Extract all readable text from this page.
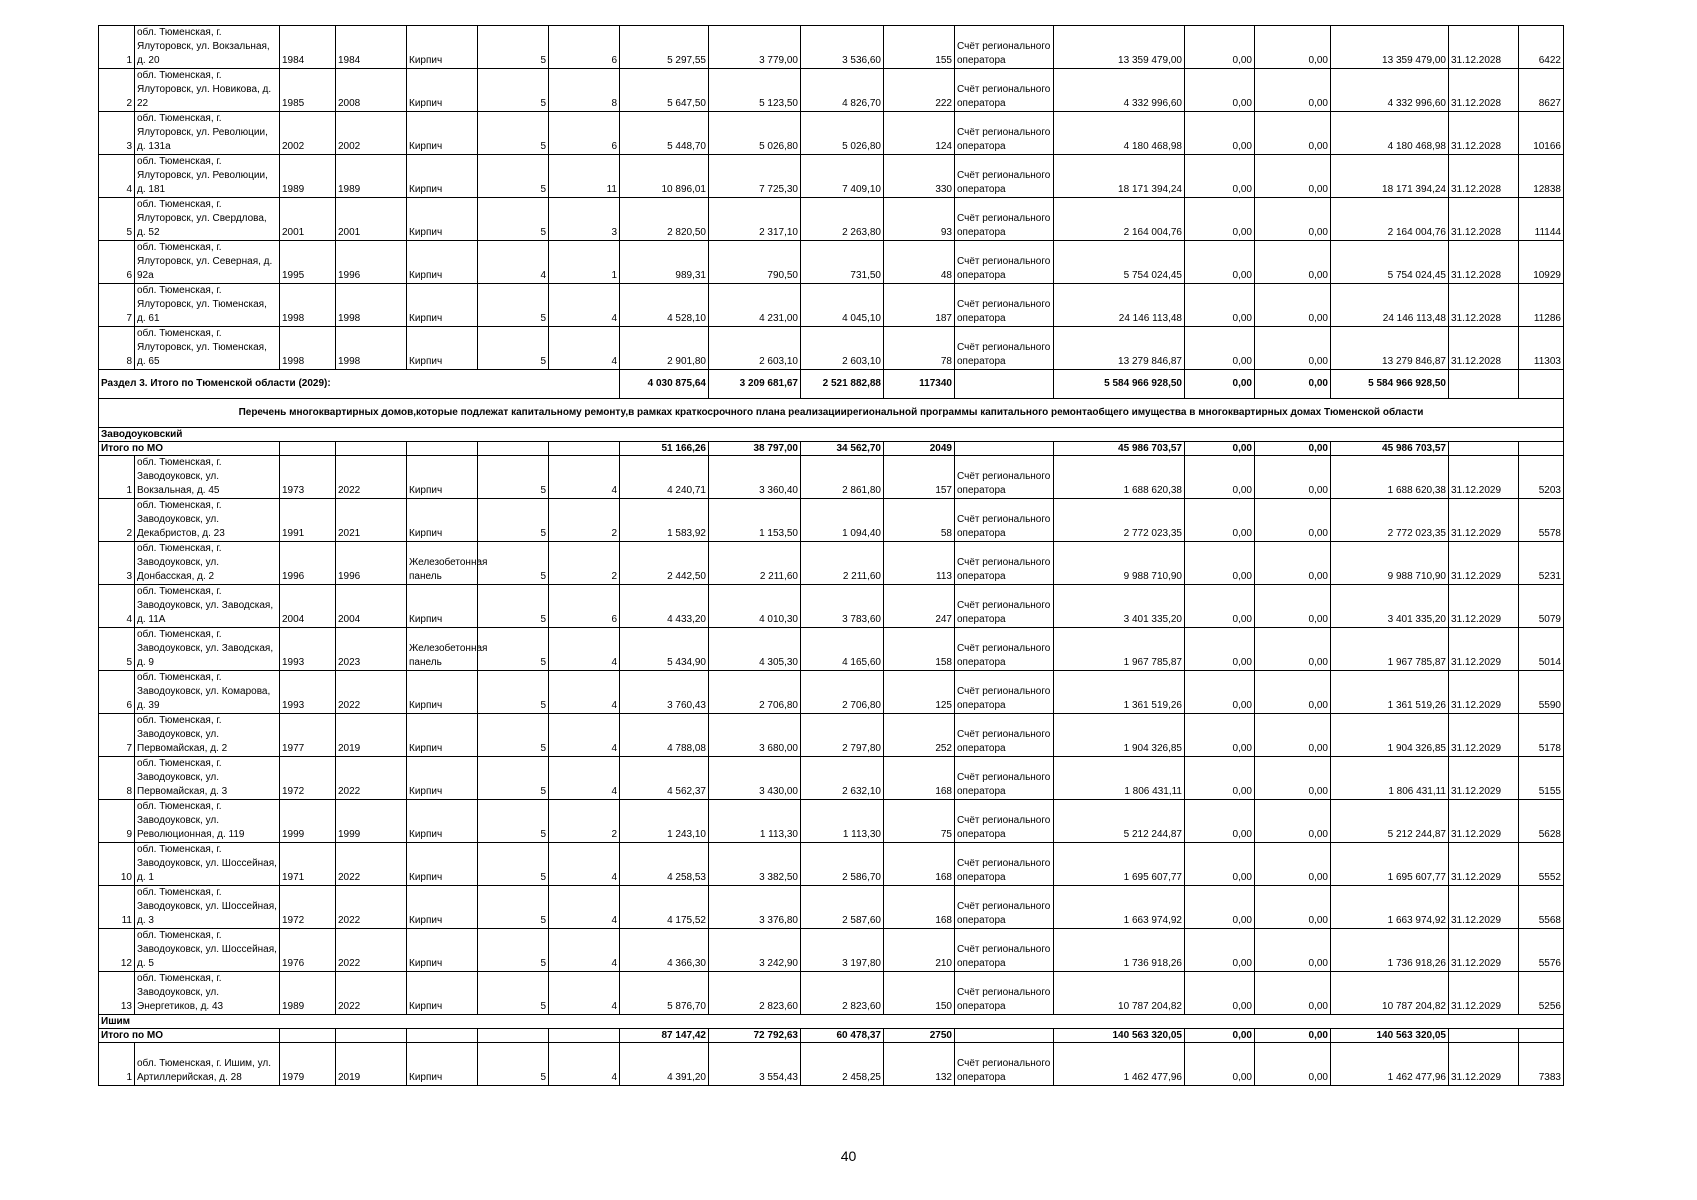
1	обл. Тюменская, г. Ялуторовск, ул. Вокзальная, д. 20	1984	1984	Кирпич	5	6	5 297,55	3 779,00	3 536,60	155	Счёт регионального оператора	13 359 479,00	0,00	0,00	13 359 479,00	31.12.2028	6422
2	обл. Тюменская, г. Ялуторовск, ул. Новикова, д. 22	1985	2008	Кирпич	5	8	5 647,50	5 123,50	4 826,70	222	Счёт регионального оператора	4 332 996,60	0,00	0,00	4 332 996,60	31.12.2028	8627
3	обл. Тюменская, г. Ялуторовск, ул. Революции, д. 131а	2002	2002	Кирпич	5	6	5 448,70	5 026,80	5 026,80	124	Счёт регионального оператора	4 180 468,98	0,00	0,00	4 180 468,98	31.12.2028	10166
4	обл. Тюменская, г. Ялуторовск, ул. Революции, д. 181	1989	1989	Кирпич	5	11	10 896,01	7 725,30	7 409,10	330	Счёт регионального оператора	18 171 394,24	0,00	0,00	18 171 394,24	31.12.2028	12838
5	обл. Тюменская, г. Ялуторовск, ул. Свердлова, д. 52	2001	2001	Кирпич	5	3	2 820,50	2 317,10	2 263,80	93	Счёт регионального оператора	2 164 004,76	0,00	0,00	2 164 004,76	31.12.2028	11144
6	обл. Тюменская, г. Ялуторовск, ул. Северная, д. 92а	1995	1996	Кирпич	4	1	989,31	790,50	731,50	48	Счёт регионального оператора	5 754 024,45	0,00	0,00	5 754 024,45	31.12.2028	10929
7	обл. Тюменская, г. Ялуторовск, ул. Тюменская, д. 61	1998	1998	Кирпич	5	4	4 528,10	4 231,00	4 045,10	187	Счёт регионального оператора	24 146 113,48	0,00	0,00	24 146 113,48	31.12.2028	11286
8	обл. Тюменская, г. Ялуторовск, ул. Тюменская, д. 65	1998	1998	Кирпич	5	4	2 901,80	2 603,10	2 603,10	78	Счёт регионального оператора	13 279 846,87	0,00	0,00	13 279 846,87	31.12.2028	11303
Раздел 3. Итого по Тюменской области (2029):							4 030 875,64	3 209 681,67	2 521 882,88	117340		5 584 966 928,50	0,00	0,00	5 584 966 928,50		
Перечень многоквартирных домов,которые подлежат капитальному ремонту,в рамках краткосрочного плана реализациирегиональной программы капитального ремонтаобщего имущества в многоквартирных домах Тюменской области																	
Заводоуковский																	
Итого по МО							51 166,26	38 797,00	34 562,70	2049		45 986 703,57	0,00	0,00	45 986 703,57		
1	обл. Тюменская, г. Заводоуковск, ул. Вокзальная, д. 45	1973	2022	Кирпич	5	4	4 240,71	3 360,40	2 861,80	157	Счёт регионального оператора	1 688 620,38	0,00	0,00	1 688 620,38	31.12.2029	5203
2	обл. Тюменская, г. Заводоуковск, ул. Декабристов, д. 23	1991	2021	Кирпич	5	2	1 583,92	1 153,50	1 094,40	58	Счёт регионального оператора	2 772 023,35	0,00	0,00	2 772 023,35	31.12.2029	5578
3	обл. Тюменская, г. Заводоуковск, ул. Донбасская, д. 2	1996	1996	Железобетонная панель	5	2	2 442,50	2 211,60	2 211,60	113	Счёт регионального оператора	9 988 710,90	0,00	0,00	9 988 710,90	31.12.2029	5231
4	обл. Тюменская, г. Заводоуковск, ул. Заводская, д. 11А	2004	2004	Кирпич	5	6	4 433,20	4 010,30	3 783,60	247	Счёт регионального оператора	3 401 335,20	0,00	0,00	3 401 335,20	31.12.2029	5079
5	обл. Тюменская, г. Заводоуковск, ул. Заводская, д. 9	1993	2023	Железобетонная панель	5	4	5 434,90	4 305,30	4 165,60	158	Счёт регионального оператора	1 967 785,87	0,00	0,00	1 967 785,87	31.12.2029	5014
6	обл. Тюменская, г. Заводоуковск, ул. Комарова, д. 39	1993	2022	Кирпич	5	4	3 760,43	2 706,80	2 706,80	125	Счёт регионального оператора	1 361 519,26	0,00	0,00	1 361 519,26	31.12.2029	5590
7	обл. Тюменская, г. Заводоуковск, ул. Первомайская, д. 2	1977	2019	Кирпич	5	4	4 788,08	3 680,00	2 797,80	252	Счёт регионального оператора	1 904 326,85	0,00	0,00	1 904 326,85	31.12.2029	5178
8	обл. Тюменская, г. Заводоуковск, ул. Первомайская, д. 3	1972	2022	Кирпич	5	4	4 562,37	3 430,00	2 632,10	168	Счёт регионального оператора	1 806 431,11	0,00	0,00	1 806 431,11	31.12.2029	5155
9	обл. Тюменская, г. Заводоуковск, ул. Революционная, д. 119	1999	1999	Кирпич	5	2	1 243,10	1 113,30	1 113,30	75	Счёт регионального оператора	5 212 244,87	0,00	0,00	5 212 244,87	31.12.2029	5628
10	обл. Тюменская, г. Заводоуковск, ул. Шоссейная, д. 1	1971	2022	Кирпич	5	4	4 258,53	3 382,50	2 586,70	168	Счёт регионального оператора	1 695 607,77	0,00	0,00	1 695 607,77	31.12.2029	5552
11	обл. Тюменская, г. Заводоуковск, ул. Шоссейная, д. 3	1972	2022	Кирпич	5	4	4 175,52	3 376,80	2 587,60	168	Счёт регионального оператора	1 663 974,92	0,00	0,00	1 663 974,92	31.12.2029	5568
12	обл. Тюменская, г. Заводоуковск, ул. Шоссейная, д. 5	1976	2022	Кирпич	5	4	4 366,30	3 242,90	3 197,80	210	Счёт регионального оператора	1 736 918,26	0,00	0,00	1 736 918,26	31.12.2029	5576
13	обл. Тюменская, г. Заводоуковск, ул. Энергетиков, д. 43	1989	2022	Кирпич	5	4	5 876,70	2 823,60	2 823,60	150	Счёт регионального оператора	10 787 204,82	0,00	0,00	10 787 204,82	31.12.2029	5256
Ишим																	
Итого по МО							87 147,42	72 792,63	60 478,37	2750		140 563 320,05	0,00	0,00	140 563 320,05		
1	обл. Тюменская, г. Ишим, ул. Артиллерийская, д. 28	1979	2019	Кирпич	5	4	4 391,20	3 554,43	2 458,25	132	Счёт регионального оператора	1 462 477,96	0,00	0,00	1 462 477,96	31.12.2029	7383
40
